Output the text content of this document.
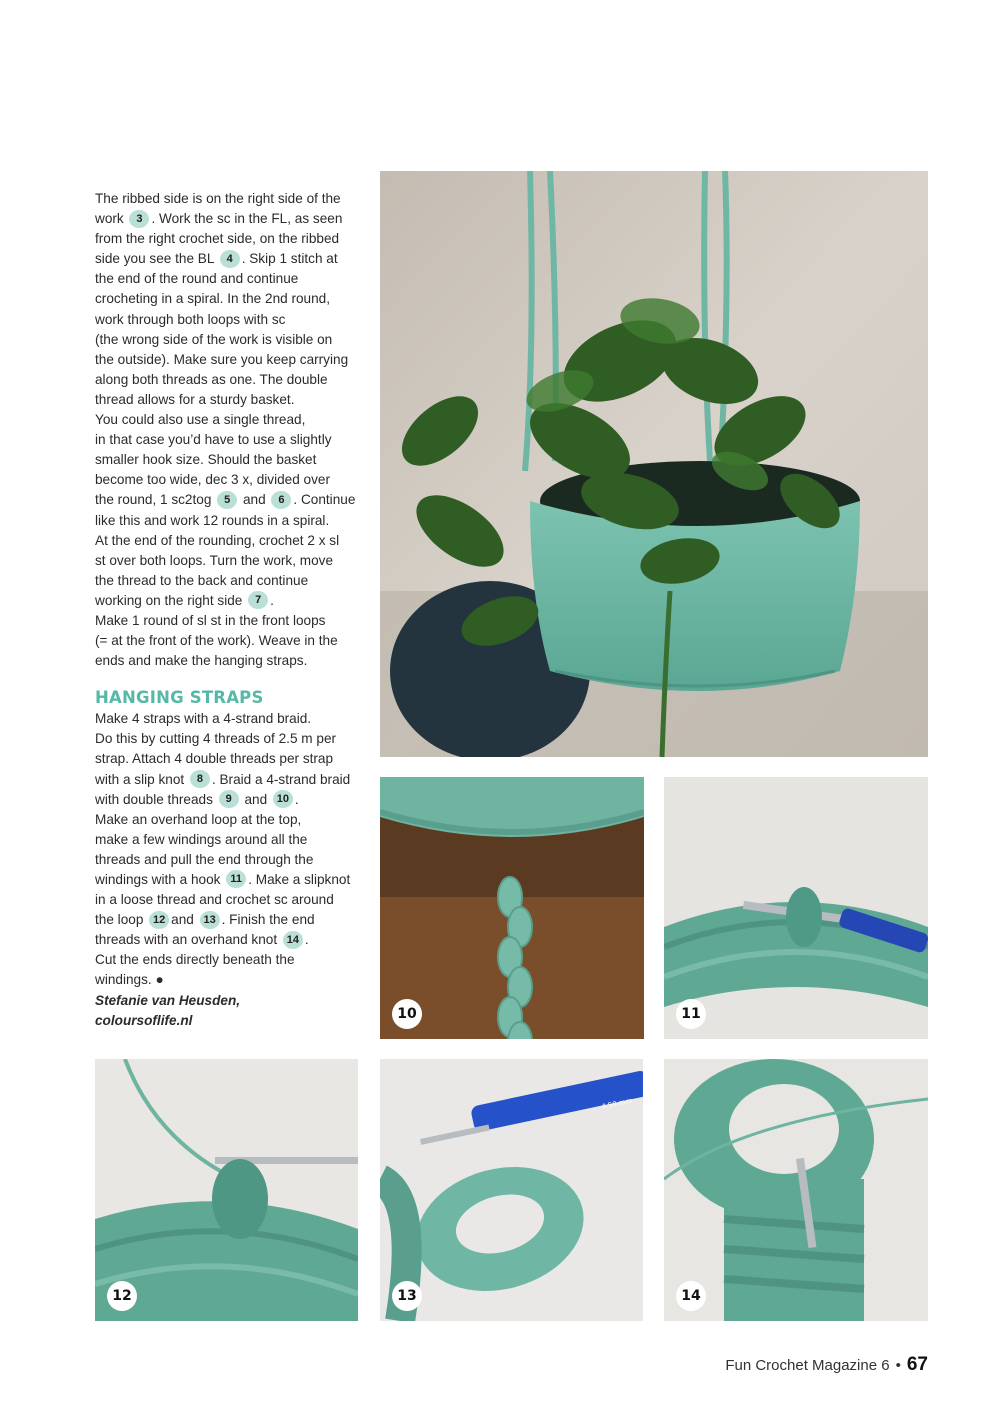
The ribbed side is on the right side of the
work 3 . Work the sc in the FL, as seen
from the right crochet side, on the ribbed
side you see the BL 4 . Skip 1 stitch at
the end of the round and continue
crocheting in a spiral. In the 2nd round,
work through both loops with sc
(the wrong side of the work is visible on
the outside). Make sure you keep carrying
along both threads as one. The double
thread allows for a sturdy basket.
You could also use a single thread,
in that case you’d have to use a slightly
smaller hook size. Should the basket
become too wide, dec 3 x, divided over
the round, 1 sc2tog 5 and 6 . Continue
like this and work 12 rounds in a spiral.
At the end of the rounding, crochet 2 x sl
st over both loops. Turn the work, move
the thread to the back and continue
working on the right side 7 .
Make 1 round of sl st in the front loops
(= at the front of the work). Weave in the
ends and make the hanging straps.
HANGING STRAPS
Make 4 straps with a 4-strand braid.
Do this by cutting 4 threads of 2.5 m per
strap. Attach 4 double threads per strap
with a slip knot 8 . Braid a 4-strand braid
with double threads 9 and 10 .
Make an overhand loop at the top,
make a few windings around all the
threads and pull the end through the
windings with a hook 11 . Make a slipknot
in a loose thread and crochet sc around
the loop 12 and 13 . Finish the end
threads with an overhand knot 14 .
Cut the ends directly beneath the
windings. ●
Stefanie van Heusden,
coloursoflife.nl	10	11
12
4.50 mm
13	14
Fun Crochet Magazine 6 • 67
